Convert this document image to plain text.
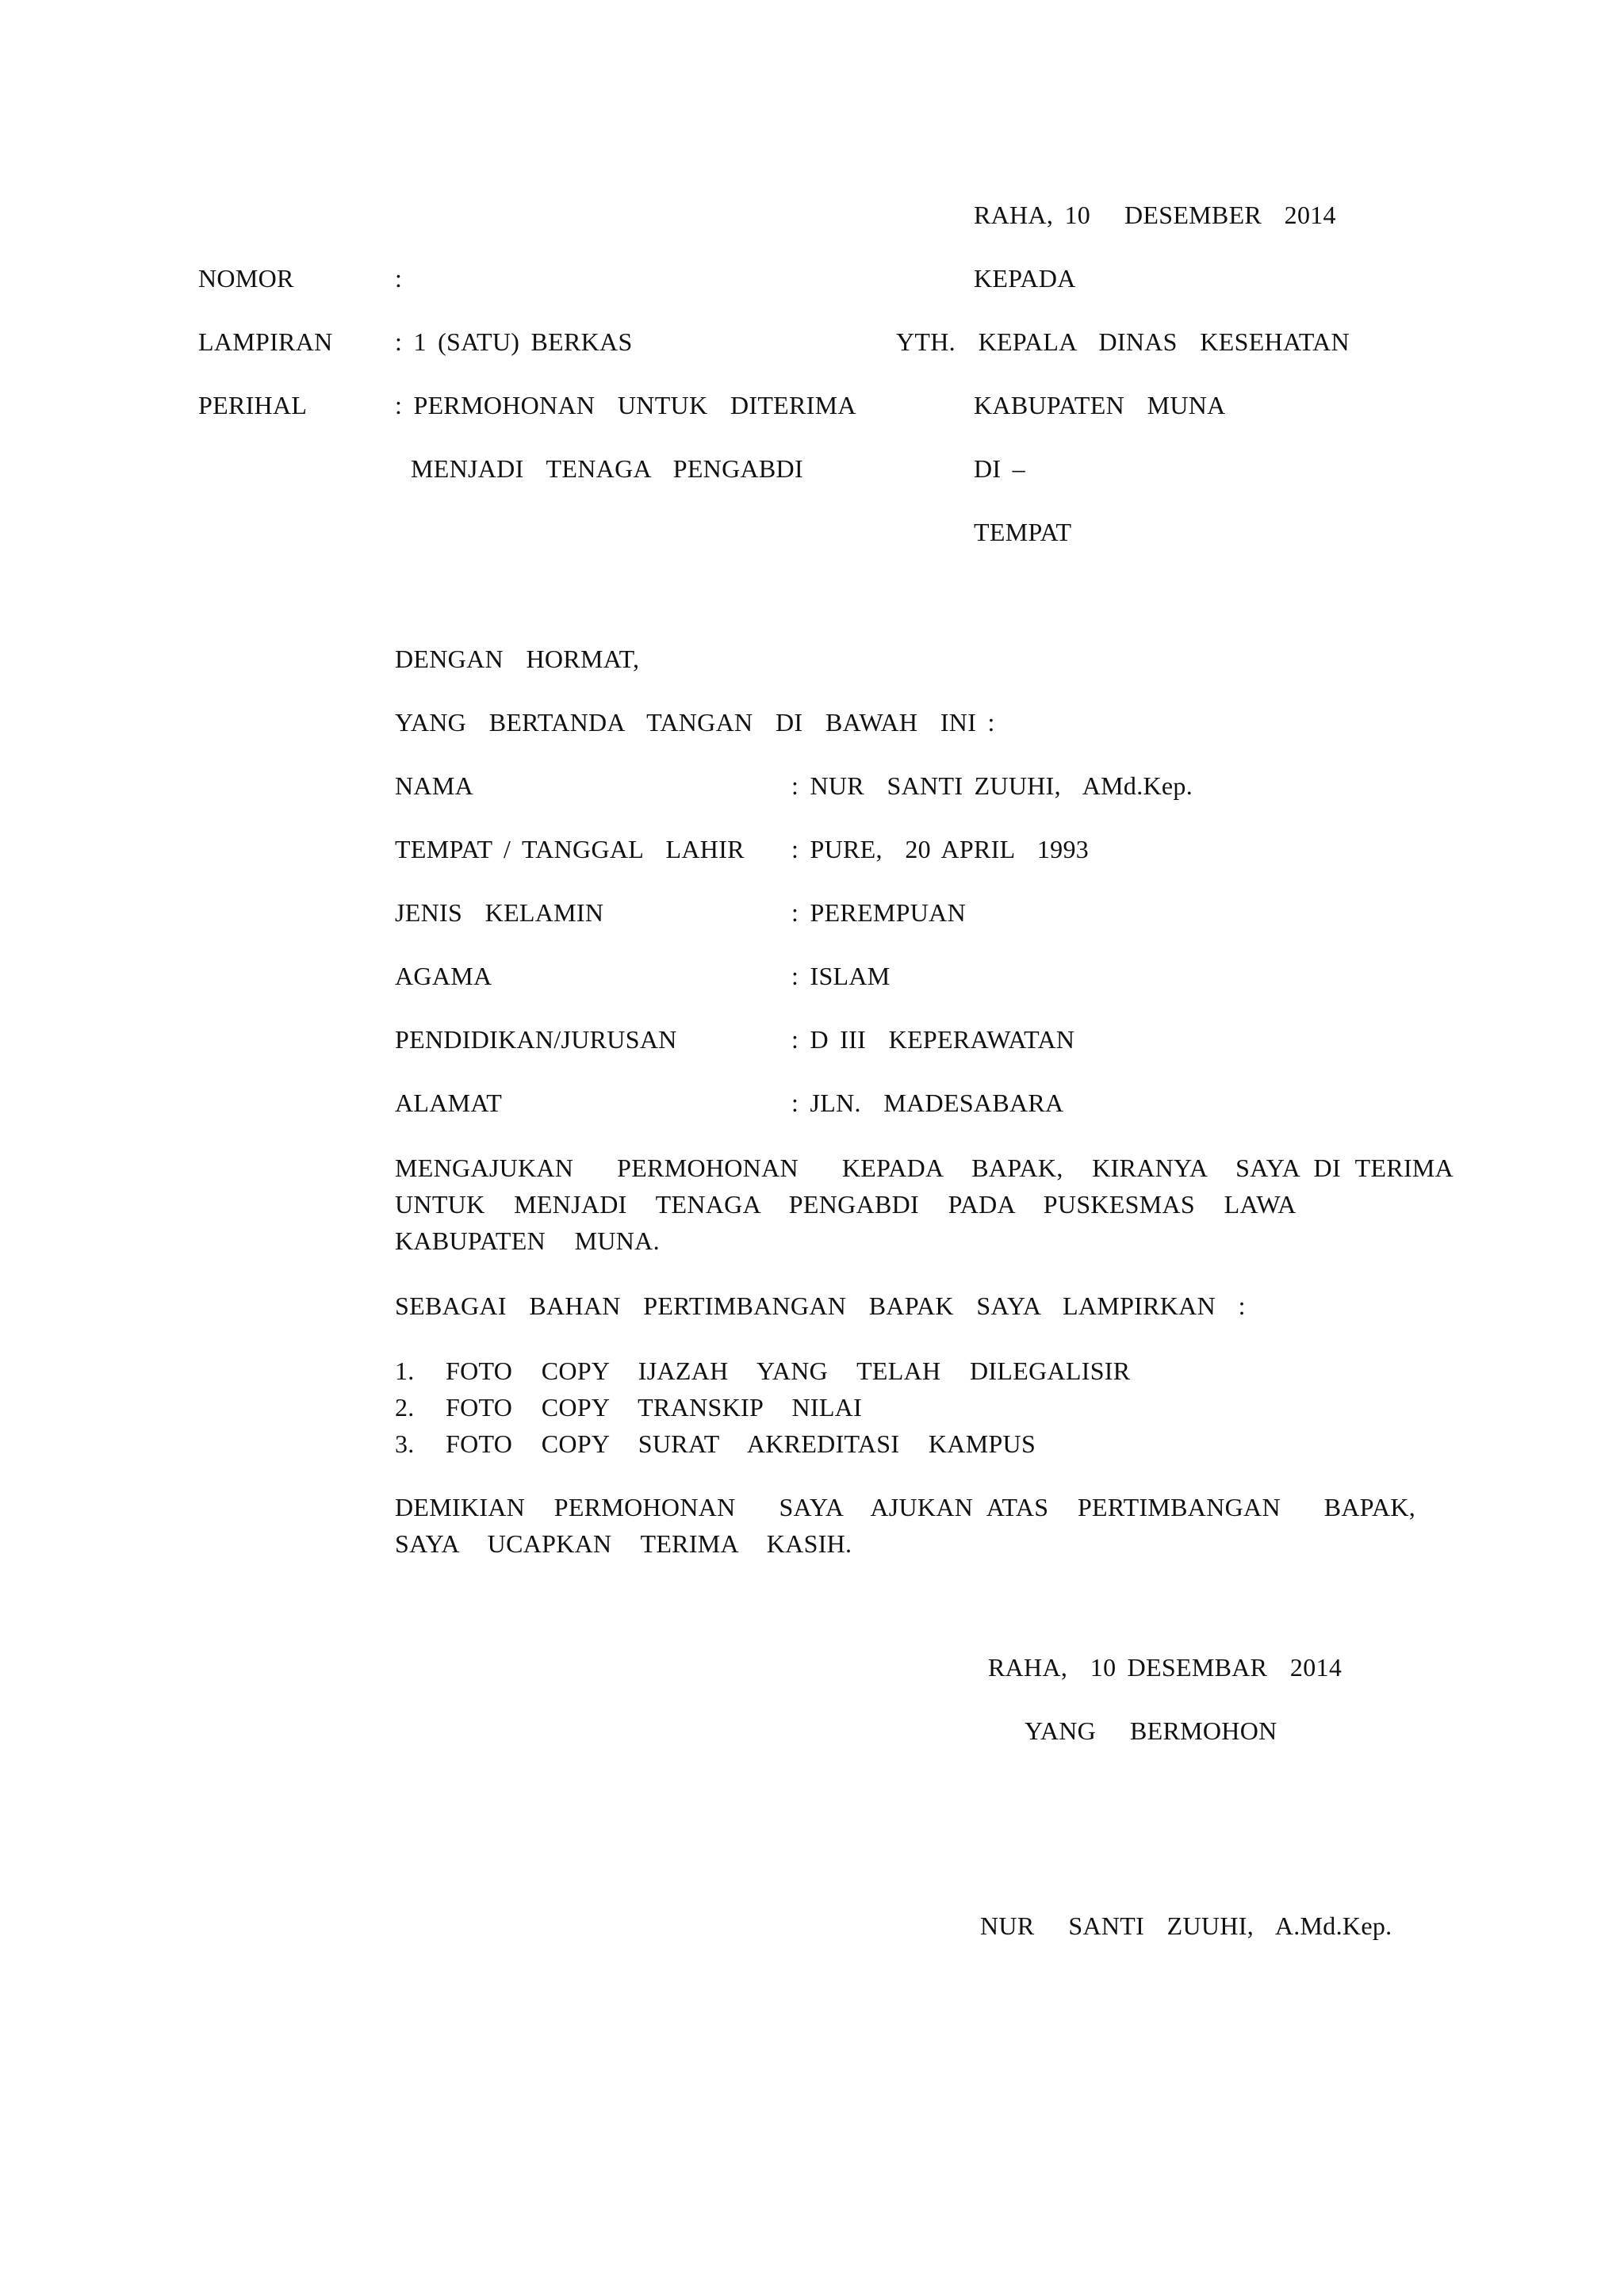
RAHA, 10   DESEMBER  2014
NOMOR	:
LAMPIRAN : 1 (SATU) BERKAS
PERIHAL	: PERMOHONAN  UNTUK  DITERIMA
MENJADI  TENAGA  PENGABDI
KEPADA
YTH.  KEPALA  DINAS  KESEHATAN
KABUPATEN  MUNA
DI –
TEMPAT
DENGAN  HORMAT,
YANG  BERTANDA  TANGAN  DI  BAWAH  INI :
NAMA	: NUR  SANTI ZUUHI,  AMd.Kep.
TEMPAT / TANGGAL  LAHIR : PURE,  20 APRIL  1993
JENIS  KELAMIN	: PEREMPUAN
AGAMA	: ISLAM
PENDIDIKAN/JURUSAN	: D III  KEPERAWATAN
ALAMAT	: JLN.  MADESABARA
MENGAJUKAN   PERMOHONAN   KEPADA  BAPAK,  KIRANYA  SAYA DI TERIMA
UNTUK  MENJADI  TENAGA  PENGABDI  PADA  PUSKESMAS  LAWA
KABUPATEN  MUNA.
SEBAGAI  BAHAN  PERTIMBANGAN  BAPAK  SAYA  LAMPIRKAN  :
1. FOTO  COPY  IJAZAH  YANG  TELAH  DILEGALISIR
2. FOTO  COPY  TRANSKIP  NILAI
3. FOTO  COPY  SURAT  AKREDITASI  KAMPUS
DEMIKIAN  PERMOHONAN   SAYA  AJUKAN ATAS  PERTIMBANGAN   BAPAK,
SAYA  UCAPKAN  TERIMA  KASIH.
RAHA,  10 DESEMBAR  2014
YANG   BERMOHON
NUR   SANTI  ZUUHI,  A.Md.Kep.
